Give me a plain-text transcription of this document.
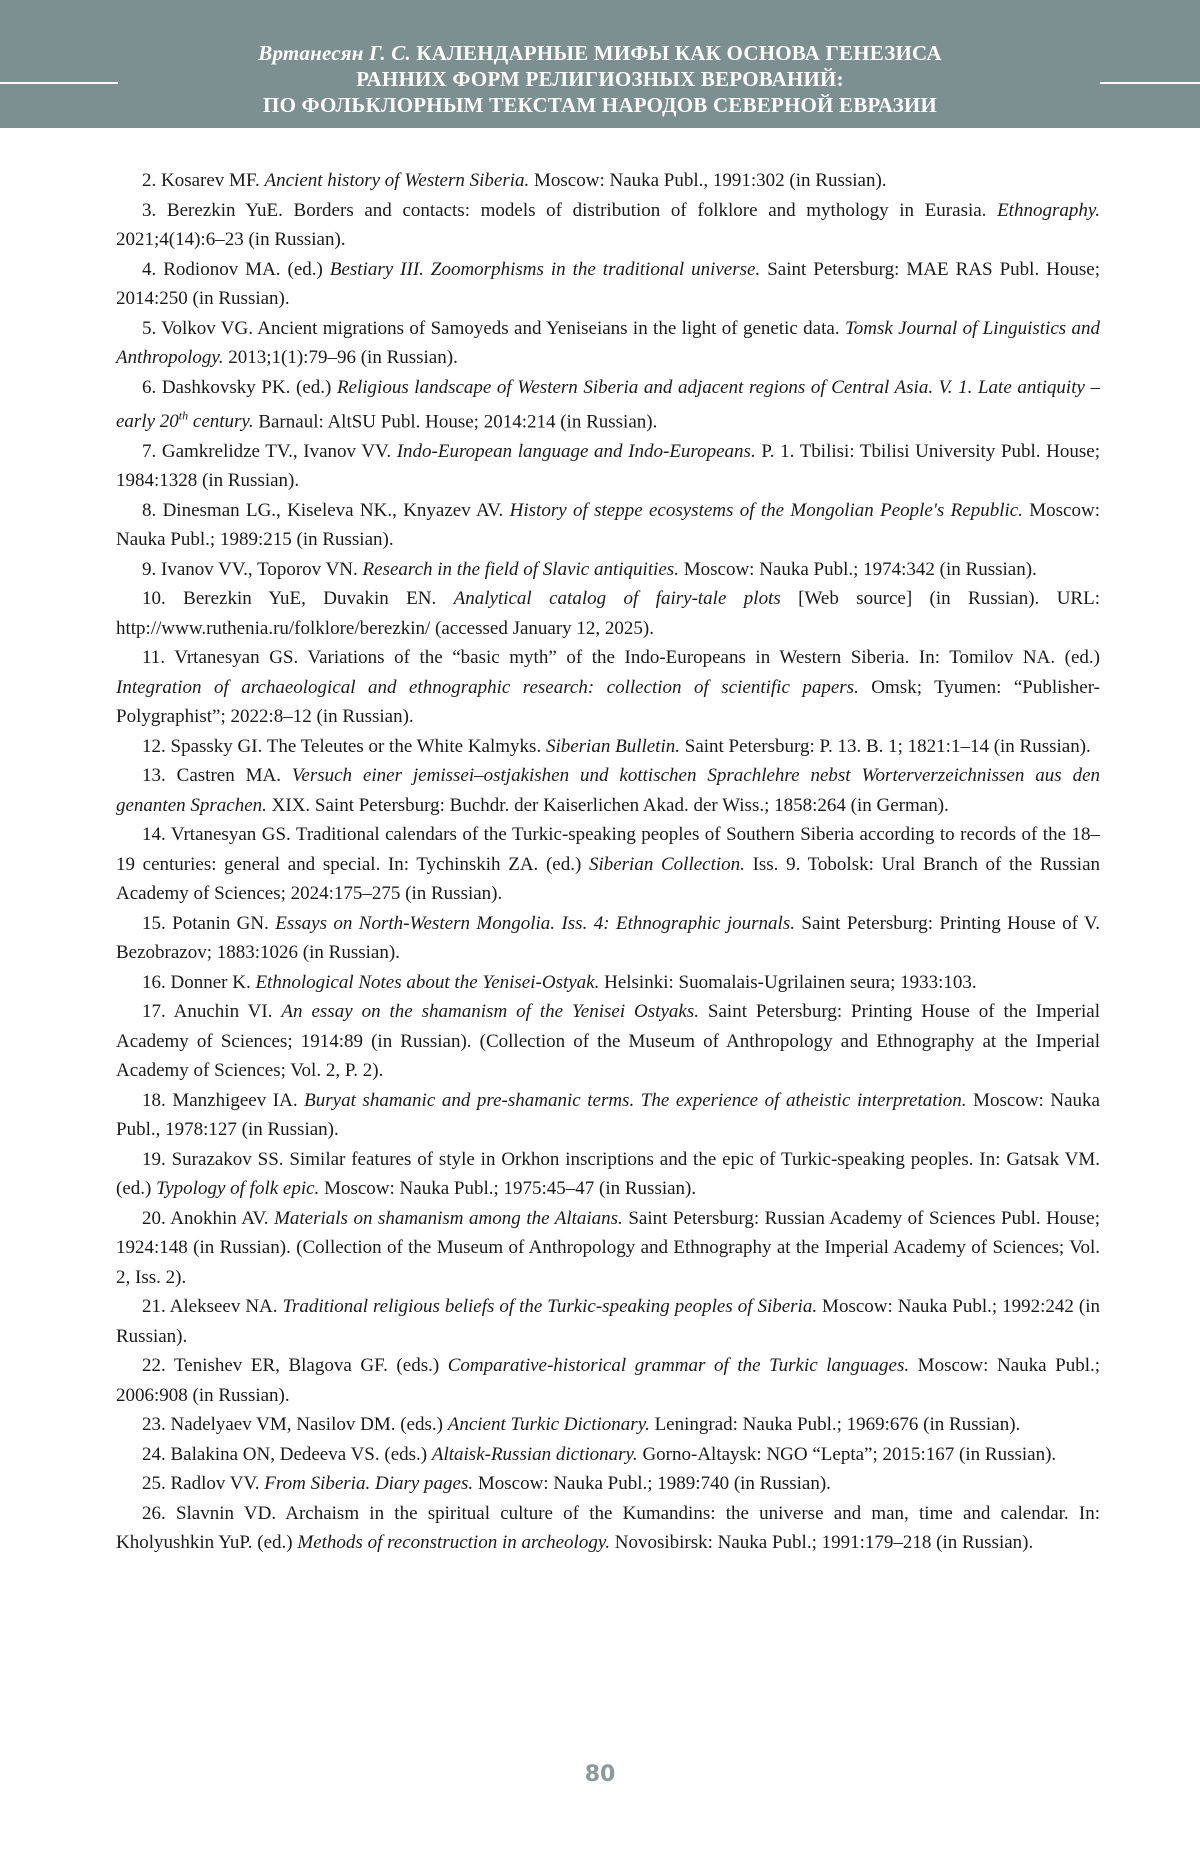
Вртанесян Г. С. КАЛЕНДАРНЫЕ МИФЫ КАК ОСНОВА ГЕНЕЗИСА
РАННИХ ФОРМ РЕЛИГИОЗНЫХ ВЕРОВАНИЙ:
ПО ФОЛЬКЛОРНЫМ ТЕКСТАМ НАРОДОВ СЕВЕРНОЙ ЕВРАЗИИ

2. Kosarev MF. Ancient history of Western Siberia. Moscow: Nauka Publ., 1991:302 (in Russian).

3. Berezkin YuE. Borders and contacts: models of distribution of folklore and mythology in Eurasia. Ethnography. 2021;4(14):6–23 (in Russian).

4. Rodionov MA. (ed.) Bestiary III. Zoomorphisms in the traditional universe. Saint Petersburg: MAE RAS Publ. House; 2014:250 (in Russian).

5. Volkov VG. Ancient migrations of Samoyeds and Yeniseians in the light of genetic data. Tomsk Journal of Linguistics and Anthropology. 2013;1(1):79–96 (in Russian).

6. Dashkovsky PK. (ed.) Religious landscape of Western Siberia and adjacent regions of Central Asia. V. 1. Late antiquity – early 20th century. Barnaul: AltSU Publ. House; 2014:214 (in Russian).

7. Gamkrelidze TV., Ivanov VV. Indo-European language and Indo-Europeans. P. 1. Tbilisi: Tbilisi University Publ. House; 1984:1328 (in Russian).

8. Dinesman LG., Kiseleva NK., Knyazev AV. History of steppe ecosystems of the Mongolian People's Republic. Moscow: Nauka Publ.; 1989:215 (in Russian).

9. Ivanov VV., Toporov VN. Research in the field of Slavic antiquities. Moscow: Nauka Publ.; 1974:342 (in Russian).

10. Berezkin YuE, Duvakin EN. Analytical catalog of fairy-tale plots [Web source] (in Russian). URL: http://www.ruthenia.ru/folklore/berezkin/ (accessed January 12, 2025).

11. Vrtanesyan GS. Variations of the “basic myth” of the Indo-Europeans in Western Siberia. In: Tomilov NA. (ed.) Integration of archaeological and ethnographic research: collection of scientific papers. Omsk; Tyumen: “Publisher-Polygraphist”; 2022:8–12 (in Russian).

12. Spassky GI. The Teleutes or the White Kalmyks. Siberian Bulletin. Saint Petersburg: P. 13. B. 1; 1821:1–14 (in Russian).

13. Castren MA. Versuch einer jemissei–ostjakishen und kottischen Sprachlehre nebst Worterverzeichnissen aus den genanten Sprachen. XIX. Saint Petersburg: Buchdr. der Kaiserlichen Akad. der Wiss.; 1858:264 (in German).

14. Vrtanesyan GS. Traditional calendars of the Turkic-speaking peoples of Southern Siberia according to records of the 18–19 centuries: general and special. In: Tychinskih ZA. (ed.) Siberian Collection. Iss. 9. Tobolsk: Ural Branch of the Russian Academy of Sciences; 2024:175–275 (in Russian).

15. Potanin GN. Essays on North-Western Mongolia. Iss. 4: Ethnographic journals. Saint Petersburg: Printing House of V. Bezobrazov; 1883:1026 (in Russian).

16. Donner K. Ethnological Notes about the Yenisei-Ostyak. Helsinki: Suomalais-Ugrilainen seura; 1933:103.

17. Anuchin VI. An essay on the shamanism of the Yenisei Ostyaks. Saint Petersburg: Printing House of the Imperial Academy of Sciences; 1914:89 (in Russian). (Collection of the Museum of Anthropology and Ethnography at the Imperial Academy of Sciences; Vol. 2, P. 2).

18. Manzhigeev IA. Buryat shamanic and pre-shamanic terms. The experience of atheistic interpretation. Moscow: Nauka Publ., 1978:127 (in Russian).

19. Surazakov SS. Similar features of style in Orkhon inscriptions and the epic of Turkic-speaking peoples. In: Gatsak VM. (ed.) Typology of folk epic. Moscow: Nauka Publ.; 1975:45–47 (in Russian).

20. Anokhin AV. Materials on shamanism among the Altaians. Saint Petersburg: Russian Academy of Sciences Publ. House; 1924:148 (in Russian). (Collection of the Museum of Anthropology and Ethnography at the Imperial Academy of Sciences; Vol. 2, Iss. 2).

21. Alekseev NA. Traditional religious beliefs of the Turkic-speaking peoples of Siberia. Moscow: Nauka Publ.; 1992:242 (in Russian).

22. Tenishev ER, Blagova GF. (eds.) Comparative-historical grammar of the Turkic languages. Moscow: Nauka Publ.; 2006:908 (in Russian).

23. Nadelyaev VM, Nasilov DM. (eds.) Ancient Turkic Dictionary. Leningrad: Nauka Publ.; 1969:676 (in Russian).

24. Balakina ON, Dedeeva VS. (eds.) Altaisk-Russian dictionary. Gorno-Altaysk: NGO “Lepta”; 2015:167 (in Russian).

25. Radlov VV. From Siberia. Diary pages. Moscow: Nauka Publ.; 1989:740 (in Russian).

26. Slavnin VD. Archaism in the spiritual culture of the Kumandins: the universe and man, time and calendar. In: Kholyushkin YuP. (ed.) Methods of reconstruction in archeology. Novosibirsk: Nauka Publ.; 1991:179–218 (in Russian).

80
